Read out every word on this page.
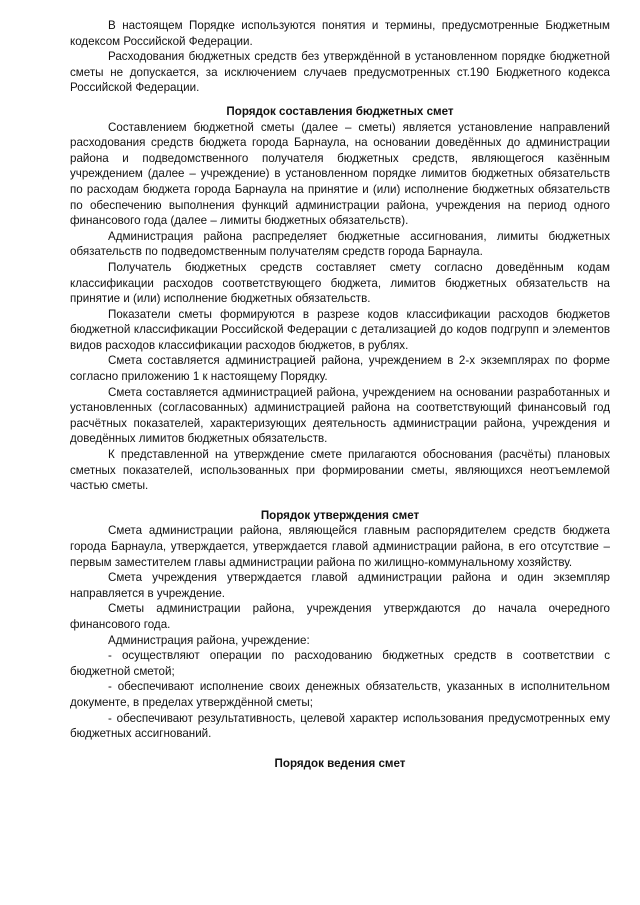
В настоящем Порядке используются понятия и термины, предусмотренные Бюджетным кодексом Российской Федерации.

Расходования бюджетных средств без утверждённой в установленном порядке бюджетной сметы не допускается, за исключением случаев предусмотренных ст.190 Бюджетного кодекса Российской Федерации.

Порядок составления бюджетных смет

Составлением бюджетной сметы (далее – сметы) является установление направлений расходования средств бюджета города Барнаула, на основании доведённых до администрации района и подведомственного получателя бюджетных средств, являющегося казённым учреждением (далее – учреждение) в установленном порядке лимитов бюджетных обязательств по расходам бюджета города Барнаула на принятие и (или) исполнение бюджетных обязательств по обеспечению выполнения функций администрации района, учреждения на период одного финансового года (далее – лимиты бюджетных обязательств).

Администрация района распределяет бюджетные ассигнования, лимиты бюджетных обязательств по подведомственным получателям средств города Барнаула.

Получатель бюджетных средств составляет смету согласно доведённым кодам классификации расходов соответствующего бюджета, лимитов бюджетных обязательств на принятие и (или) исполнение бюджетных обязательств.

Показатели сметы формируются в разрезе кодов классификации расходов бюджетов бюджетной классификации Российской Федерации с детализацией до кодов подгрупп и элементов видов расходов классификации расходов бюджетов, в рублях.

Смета составляется администрацией района, учреждением в 2-х экземплярах по форме согласно приложению 1 к настоящему Порядку.

Смета составляется администрацией района, учреждением на основании разработанных и установленных (согласованных) администрацией района на соответствующий финансовый год расчётных показателей, характеризующих деятельность администрации района, учреждения и доведённых лимитов бюджетных обязательств.

К представленной на утверждение смете прилагаются обоснования (расчёты) плановых сметных показателей, использованных при формировании сметы, являющихся неотъемлемой частью сметы.

Порядок утверждения смет

Смета администрации района, являющейся главным распорядителем средств бюджета города Барнаула, утверждается, утверждается главой администрации района, в его отсутствие – первым заместителем главы администрации района по жилищно-коммунальному хозяйству.

Смета учреждения утверждается главой администрации района и один экземпляр направляется в учреждение.

Сметы администрации района, учреждения утверждаются до начала очередного финансового года.

Администрация района, учреждение:

- осуществляют операции по расходованию бюджетных средств в соответствии с бюджетной сметой;

- обеспечивают исполнение своих денежных обязательств, указанных в исполнительном документе, в пределах утверждённой сметы;

- обеспечивают результативность, целевой характер использования предусмотренных ему бюджетных ассигнований.

Порядок ведения смет
